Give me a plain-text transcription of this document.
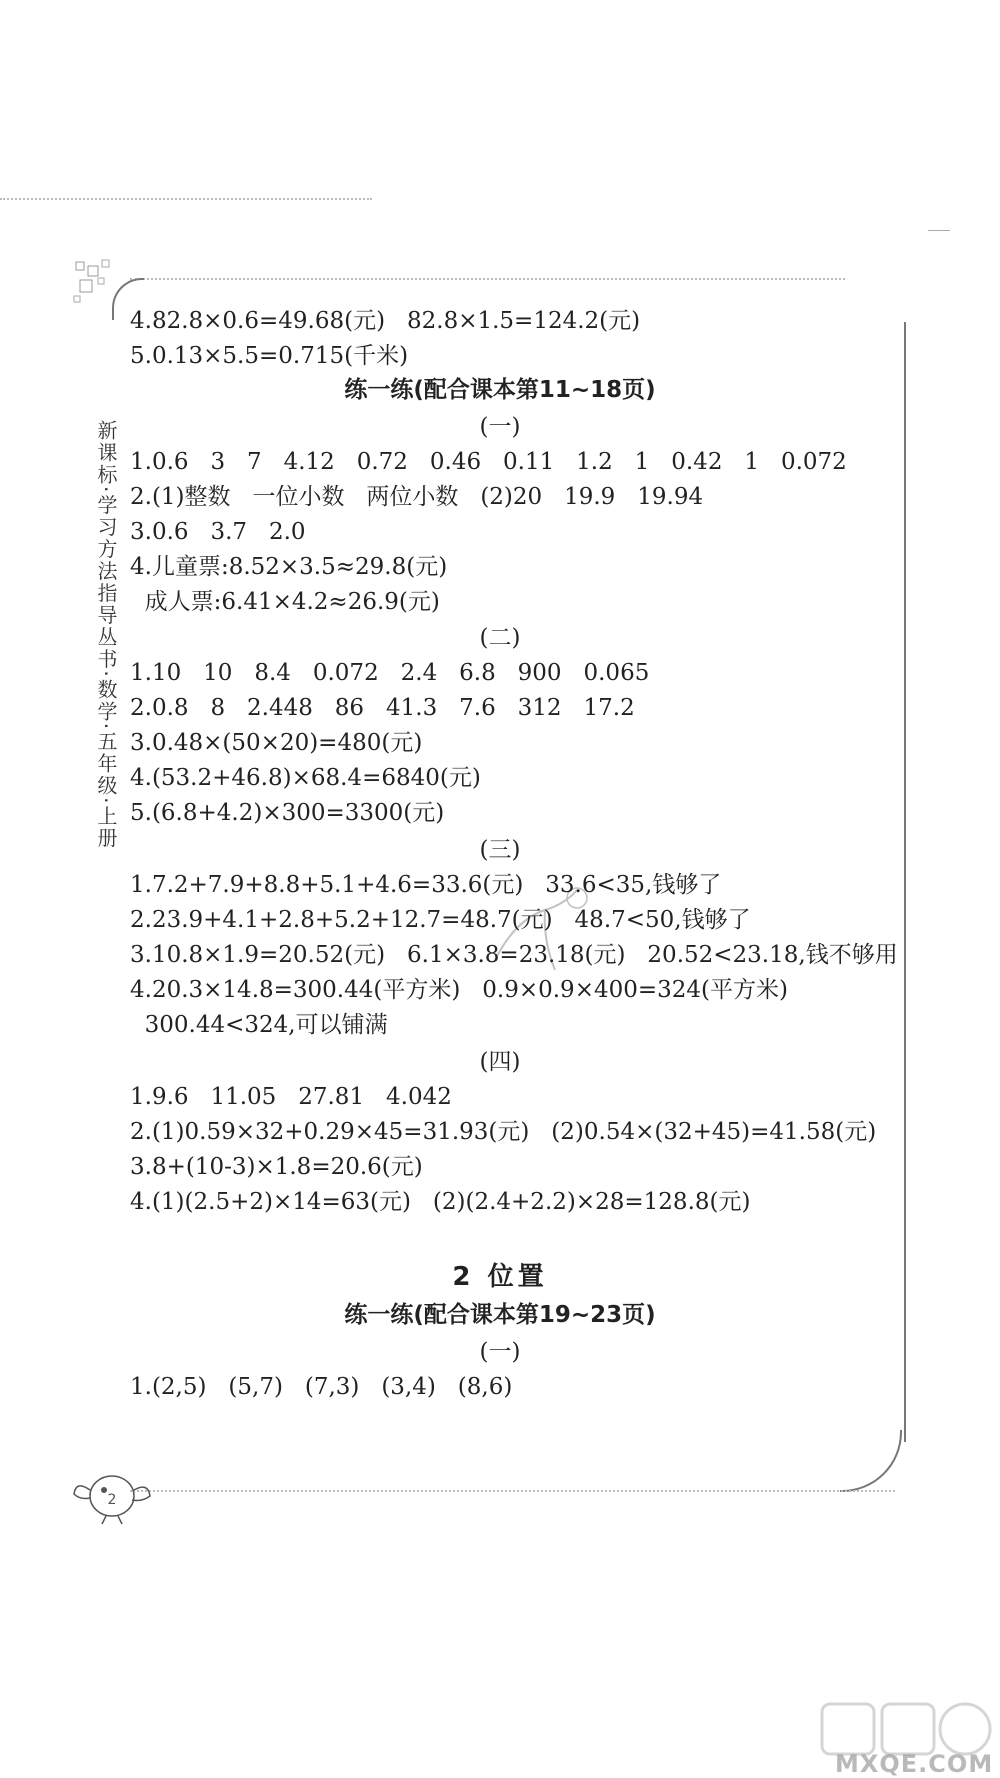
新课标·学习方法指导丛书·数学·五年级·上册
2
4.82.8×0.6=49.68(元)   82.8×1.5=124.2(元)
5.0.13×5.5=0.715(千米)
练一练(配合课本第11~18页)
(一)
1.0.6   3   7   4.12   0.72   0.46   0.11   1.2   1   0.42   1   0.072
2.(1)整数   一位小数   两位小数   (2)20   19.9   19.94
3.0.6   3.7   2.0
4.儿童票:8.52×3.5≈29.8(元)
成人票:6.41×4.2≈26.9(元)
(二)
1.10   10   8.4   0.072   2.4   6.8   900   0.065
2.0.8   8   2.448   86   41.3   7.6   312   17.2
3.0.48×(50×20)=480(元)
4.(53.2+46.8)×68.4=6840(元)
5.(6.8+4.2)×300=3300(元)
(三)
1.7.2+7.9+8.8+5.1+4.6=33.6(元)   33.6<35,钱够了
2.23.9+4.1+2.8+5.2+12.7=48.7(元)   48.7<50,钱够了
3.10.8×1.9=20.52(元)   6.1×3.8=23.18(元)   20.52<23.18,钱不够用
4.20.3×14.8=300.44(平方米)   0.9×0.9×400=324(平方米)
300.44<324,可以铺满
(四)
1.9.6   11.05   27.81   4.042
2.(1)0.59×32+0.29×45=31.93(元)   (2)0.54×(32+45)=41.58(元)
3.8+(10-3)×1.8=20.6(元)
4.(1)(2.5+2)×14=63(元)   (2)(2.4+2.2)×28=128.8(元)
2 位置
练一练(配合课本第19~23页)
(一)
1.(2,5)   (5,7)   (7,3)   (3,4)   (8,6)
MXQE.COM
